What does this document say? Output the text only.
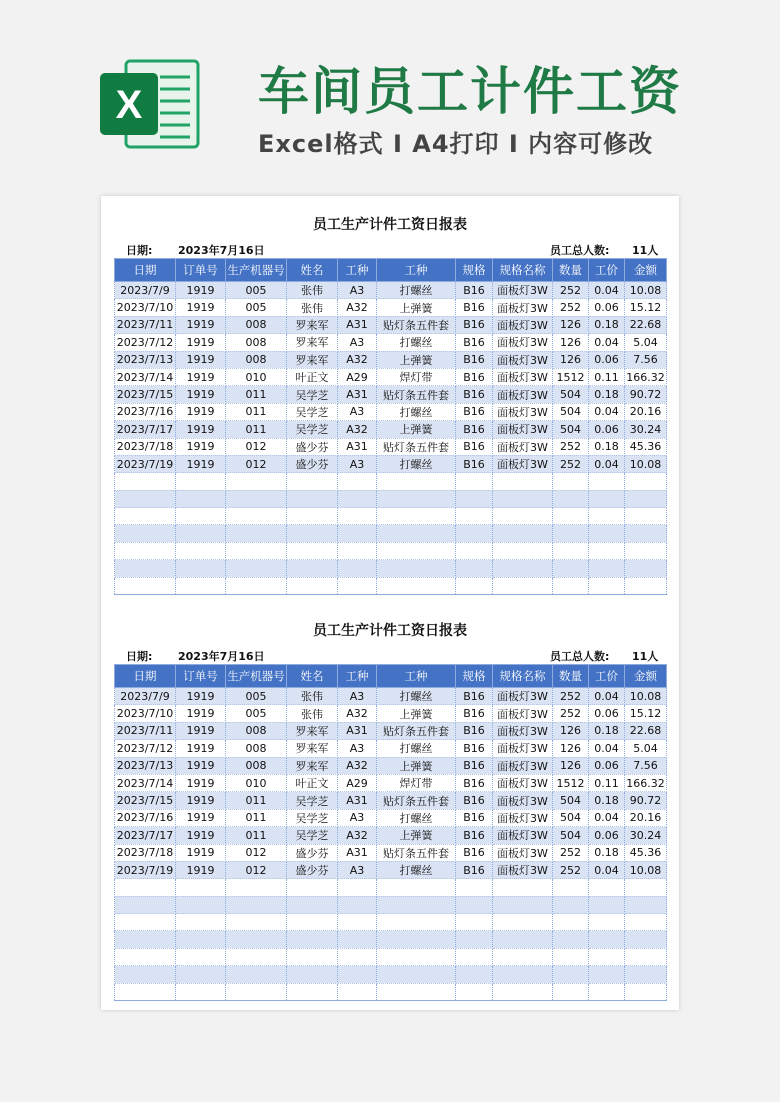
X 车间员工计件工资
Excel格式 I A4打印 I 内容可修改
员工生产计件工资日报表
日期: 2023年7月16日	员工总人数: 11人
日期	订单号	生产机器号	姓名	工种	工种	规格	规格名称	数量	工价	金额
2023/7/9	1919	005	张伟	A3	打螺丝	B16	面板灯3W	252	0.04	10.08
2023/7/10	1919	005	张伟	A32	上弹簧	B16	面板灯3W	252	0.06	15.12
2023/7/11	1919	008	罗来军	A31	贴灯条五件套	B16	面板灯3W	126	0.18	22.68
2023/7/12	1919	008	罗来军	A3	打螺丝	B16	面板灯3W	126	0.04	5.04
2023/7/13	1919	008	罗来军	A32	上弹簧	B16	面板灯3W	126	0.06	7.56
2023/7/14	1919	010	叶正文	A29	焊灯带	B16	面板灯3W	1512	0.11	166.32
2023/7/15	1919	011	吴学芝	A31	贴灯条五件套	B16	面板灯3W	504	0.18	90.72
2023/7/16	1919	011	吴学芝	A3	打螺丝	B16	面板灯3W	504	0.04	20.16
2023/7/17	1919	011	吴学芝	A32	上弹簧	B16	面板灯3W	504	0.06	30.24
2023/7/18	1919	012	盛少芬	A31	贴灯条五件套	B16	面板灯3W	252	0.18	45.36
2023/7/19	1919	012	盛少芬	A3	打螺丝	B16	面板灯3W	252	0.04	10.08

员工生产计件工资日报表
日期: 2023年7月16日	员工总人数: 11人
日期	订单号	生产机器号	姓名	工种	工种	规格	规格名称	数量	工价	金额
2023/7/9	1919	005	张伟	A3	打螺丝	B16	面板灯3W	252	0.04	10.08
2023/7/10	1919	005	张伟	A32	上弹簧	B16	面板灯3W	252	0.06	15.12
2023/7/11	1919	008	罗来军	A31	贴灯条五件套	B16	面板灯3W	126	0.18	22.68
2023/7/12	1919	008	罗来军	A3	打螺丝	B16	面板灯3W	126	0.04	5.04
2023/7/13	1919	008	罗来军	A32	上弹簧	B16	面板灯3W	126	0.06	7.56
2023/7/14	1919	010	叶正文	A29	焊灯带	B16	面板灯3W	1512	0.11	166.32
2023/7/15	1919	011	吴学芝	A31	贴灯条五件套	B16	面板灯3W	504	0.18	90.72
2023/7/16	1919	011	吴学芝	A3	打螺丝	B16	面板灯3W	504	0.04	20.16
2023/7/17	1919	011	吴学芝	A32	上弹簧	B16	面板灯3W	504	0.06	30.24
2023/7/18	1919	012	盛少芬	A31	贴灯条五件套	B16	面板灯3W	252	0.18	45.36
2023/7/19	1919	012	盛少芬	A3	打螺丝	B16	面板灯3W	252	0.04	10.08
